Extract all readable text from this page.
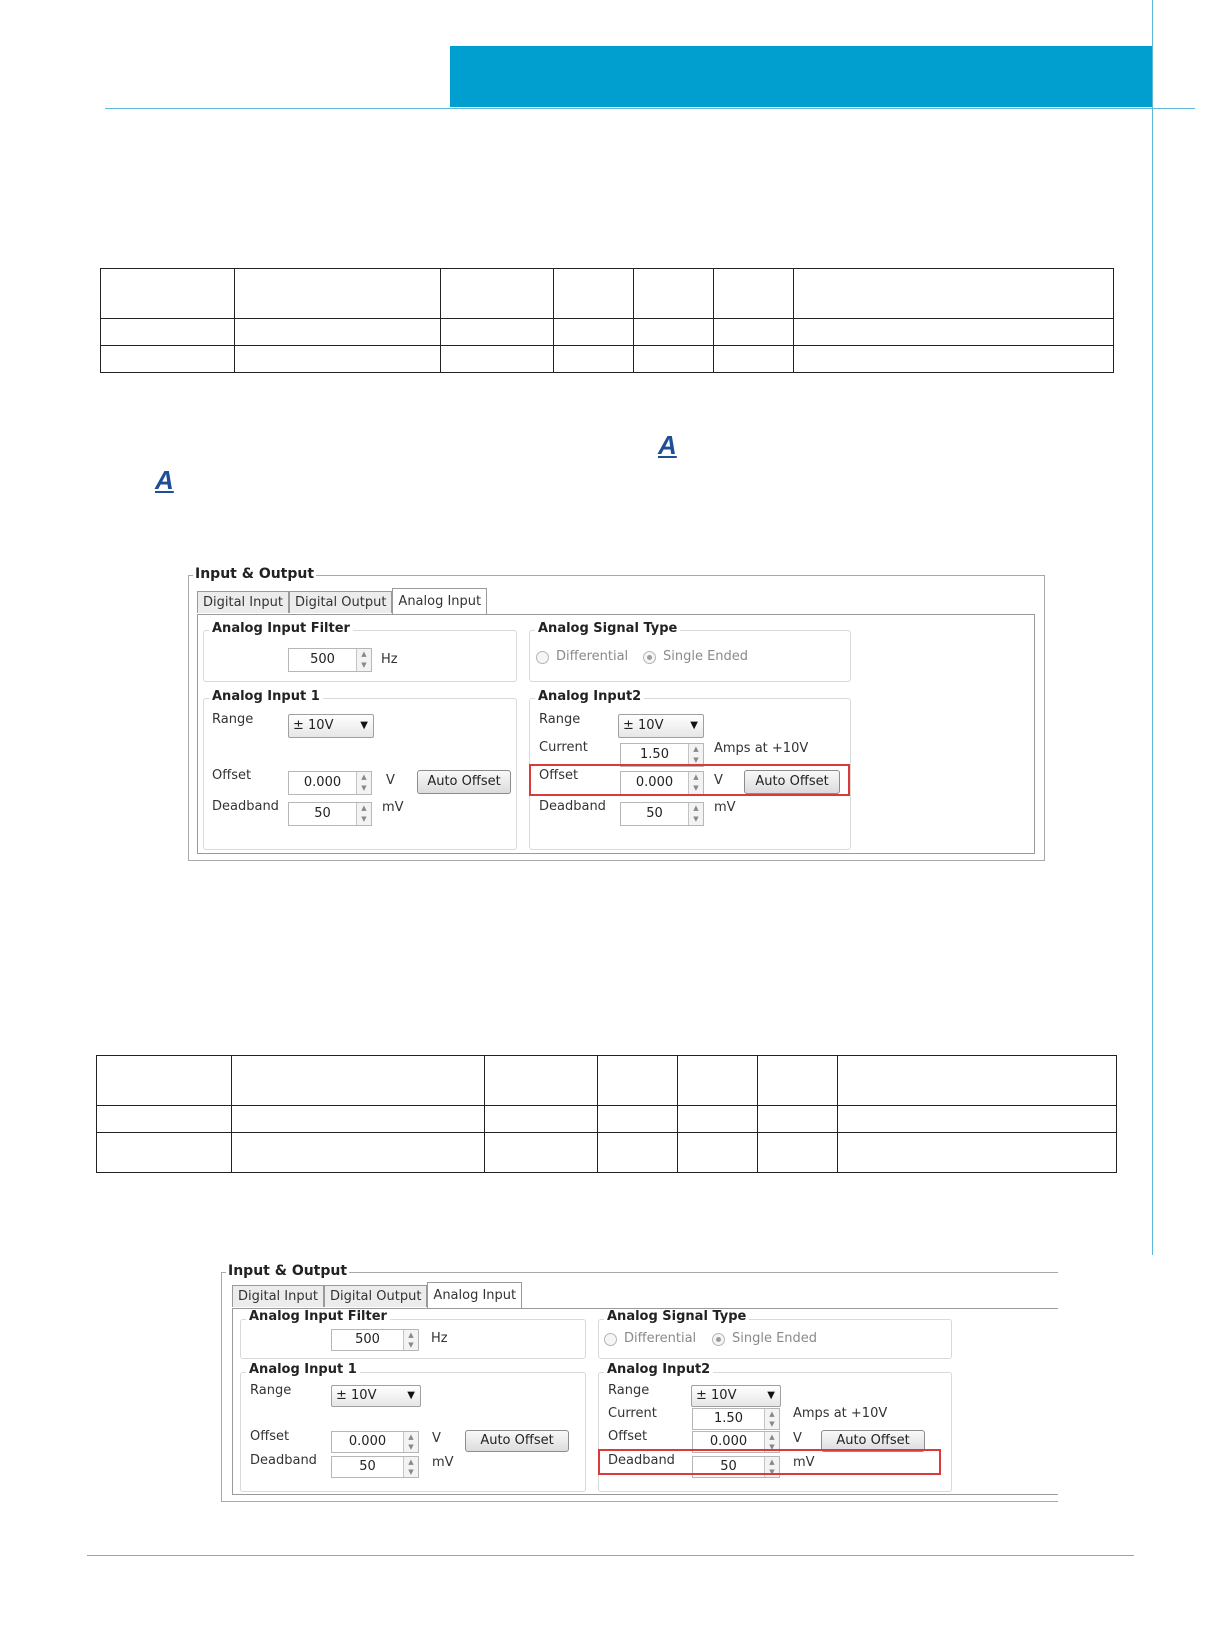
A
A
Input & Output
Digital Input Digital Output Analog Input
Analog Input Filter
500	▲
▼	Hz
Analog Signal Type
Differential	Single Ended
Analog Input 1
Range	± 10V	▼
Offset	0.000	▲
▼	V	Auto Offset
Deadband	50	▲
▼
mV
Analog Input2
Range	± 10V	▼
Current	1.50	▲
▼
Amps at +10V
Offset	0.000	▲
▼	V	Auto Offset
Deadband	50	▲
▼
mV

Input & Output
Digital Input Digital Output Analog Input
Analog Input Filter
500	▲
▼	Hz
Analog Signal Type
Differential	Single Ended
Analog Input 1
Range	± 10V	▼
Offset	0.000	▲
▼
V	Auto Offset
Deadband	50	▲
▼
mV
Analog Input2
Range	± 10V	▼
Current	1.50	▲
▼
Amps at +10V
Offset	0.000	▲
▼
V	Auto Offset
Deadband	50	▲
▼
mV
